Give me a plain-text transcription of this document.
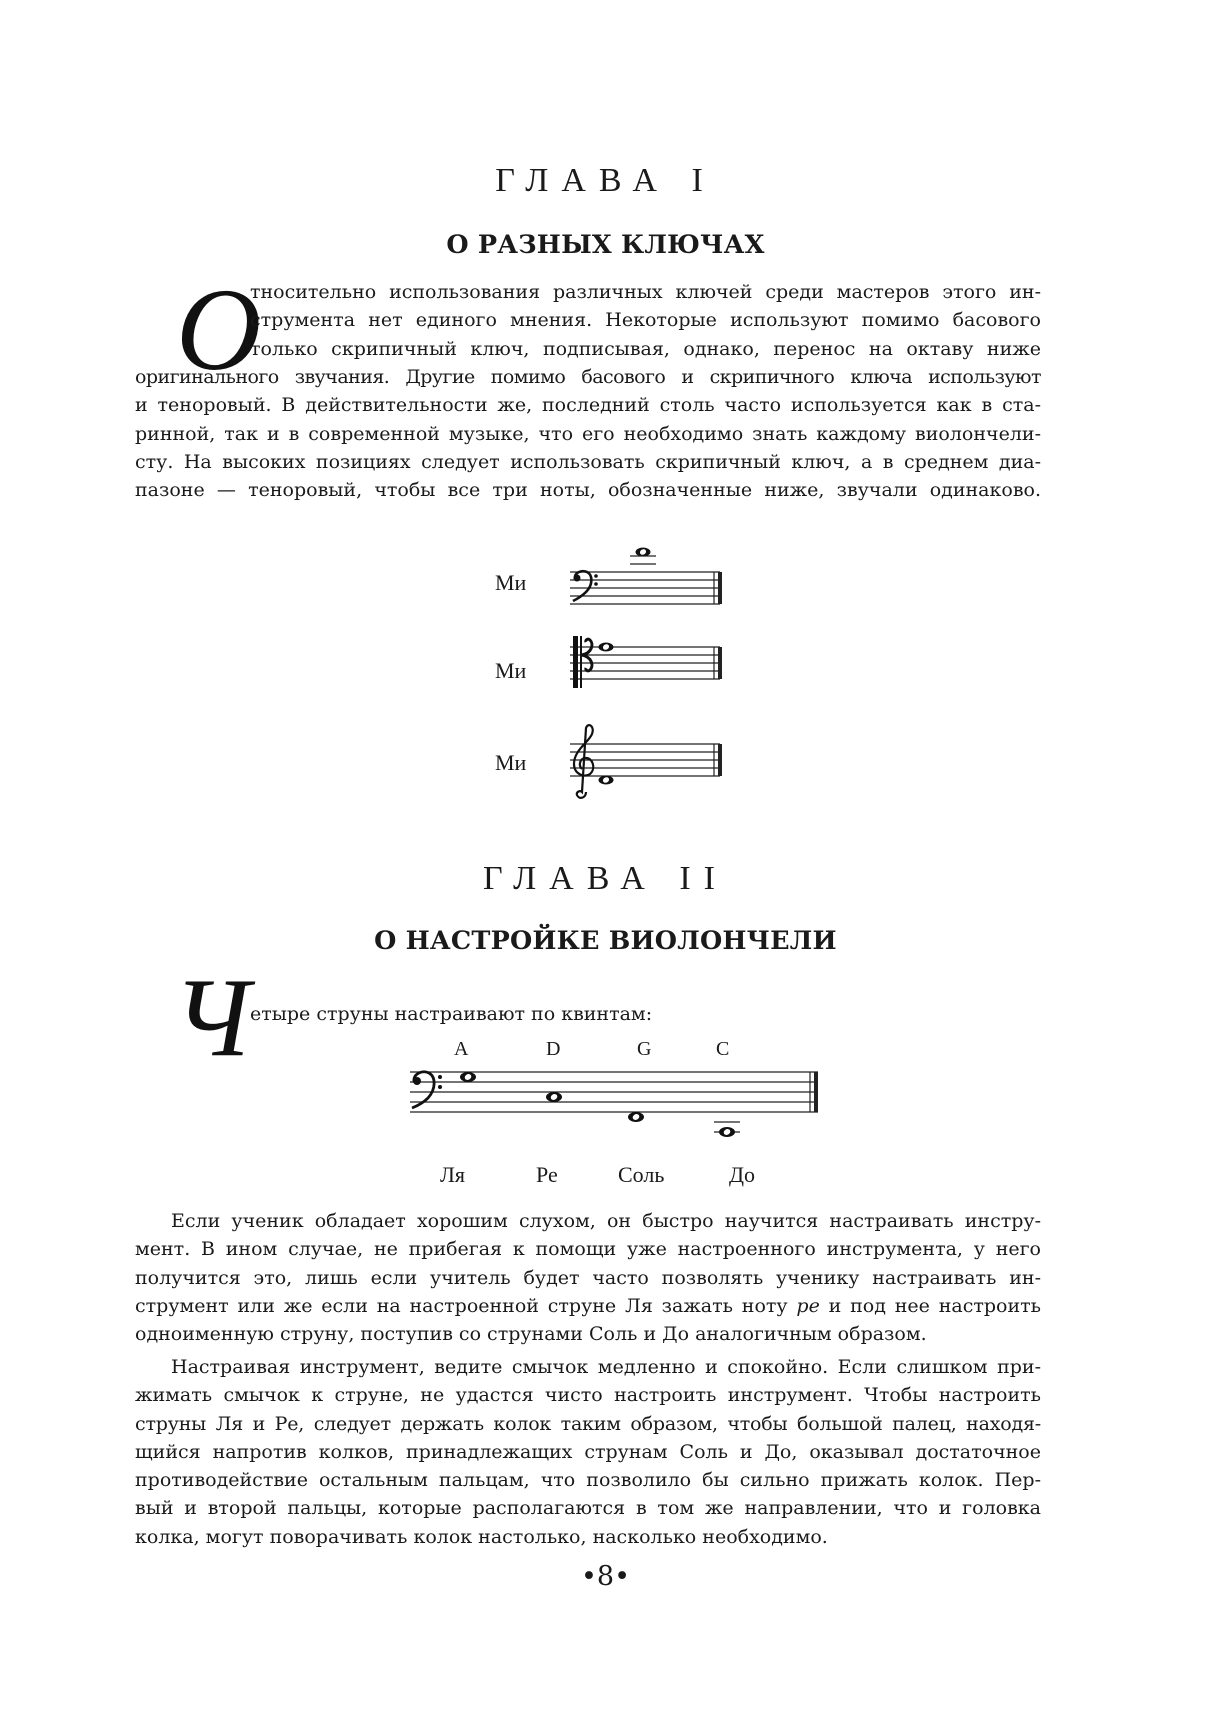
ГЛАВА I
О РАЗНЫХ КЛЮЧАХ
О
тносительно использования различных ключей среди мастеров этого ин-
струмента нет единого мнения. Некоторые используют помимо басового
только скрипичный ключ, подписывая, однако, перенос на октаву ниже
оригинального звучания. Другие помимо басового и скрипичного ключа используют
и теноровый. В действительности же, последний столь часто используется как в ста-
ринной, так и в современной музыке, что его необходимо знать каждому виолончели-
сту. На высоких позициях следует использовать скрипичный ключ, а в среднем диа-
пазоне — теноровый, чтобы все три ноты, обозначенные ниже, звучали одинаково.
Ми
Ми
Ми
ГЛАВА II
О НАСТРОЙКЕ ВИОЛОНЧЕЛИ
Ч етыре струны настраивают по квинтам:
A	D	G	C
Ля	Ре	Соль	До
Если ученик обладает хорошим слухом, он быстро научится настраивать инстру-
мент. В ином случае, не прибегая к помощи уже настроенного инструмента, у него
получится это, лишь если учитель будет часто позволять ученику настраивать ин-
струмент или же если на настроенной струне Ля зажать ноту ре и под нее настроить
одноименную струну, поступив со струнами Соль и До аналогичным образом.
Настраивая инструмент, ведите смычок медленно и спокойно. Если слишком при-
жимать смычок к струне, не удастся чисто настроить инструмент. Чтобы настроить
струны Ля и Ре, следует держать колок таким образом, чтобы большой палец, находя-
щийся напротив колков, принадлежащих струнам Соль и До, оказывал достаточное
противодействие остальным пальцам, что позволило бы сильно прижать колок. Пер-
вый и второй пальцы, которые располагаются в том же направлении, что и головка
колка, могут поворачивать колок настолько, насколько необходимо.
•8•
